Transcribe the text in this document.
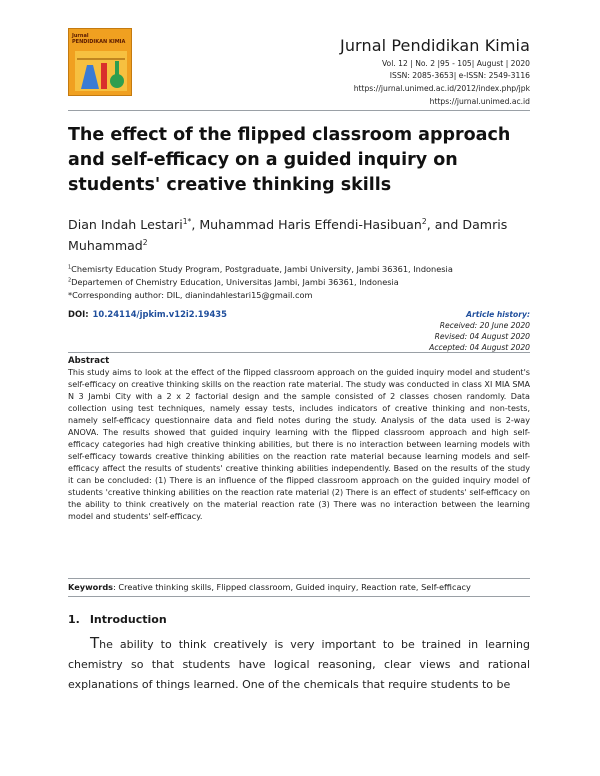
Jurnal
PENDIDIKAN KIMIA	Jurnal Pendidikan Kimia
Vol. 12 | No. 2 |95 - 105| August | 2020
ISSN: 2085-3653| e-ISSN: 2549-3116
https://jurnal.unimed.ac.id/2012/index.php/jpk
https://jurnal.unimed.ac.id
The effect of the flipped classroom approach and self-efficacy on a guided inquiry on students' creative thinking skills
Dian Indah Lestari$^{1*}$, Muhammad Haris Effendi-Hasibuan$^2$, and Damris Muhammad$^2$
$^1$Chemisrty Education Study Program, Postgraduate, Jambi University, Jambi 36361, Indonesia
$^2$Departemen of Chemistry Education, Universitas Jambi, Jambi 36361, Indonesia
*Corresponding author: DIL, dianindahlestari15@gmail.com
DOI: 10.24114/jpkim.v12i2.19435	Article history:
Received: 20 June 2020
Revised: 04 August 2020
Accepted: 04 August 2020
Abstract

This study aims to look at the effect of the flipped classroom approach on the guided inquiry model and student's self-efficacy on creative thinking skills on the reaction rate material. The study was conducted in class XI MIA SMA N 3 Jambi City with a 2 x 2 factorial design and the sample consisted of 2 classes chosen randomly. Data collection using test techniques, namely essay tests, includes indicators of creative thinking and non-tests, namely self-efficacy questionnaire data and field notes during the study. Analysis of the data used is 2-way ANOVA. The results showed that guided inquiry learning with the flipped classroom approach and high self-efficacy categories had high creative thinking abilities, but there is no interaction between learning models with self-efficacy towards creative thinking abilities on the reaction rate material because learning models and self-efficacy affect the results of students' creative thinking abilities independently. Based on the results of the study it can be concluded: (1) There is an influence of the flipped classroom approach on the guided inquiry model of students 'creative thinking abilities on the reaction rate material (2) There is an effect of students' self-efficacy on the ability to think creatively on the material reaction rate (3) There was no interaction between the learning model and students' self-efficacy.

Keywords: Creative thinking skills, Flipped classroom, Guided inquiry, Reaction rate, Self-efficacy
1. Introduction

The ability to think creatively is very important to be trained in learning chemistry so that students have logical reasoning, clear views and rational explanations of things learned. One of the chemicals that require students to be
